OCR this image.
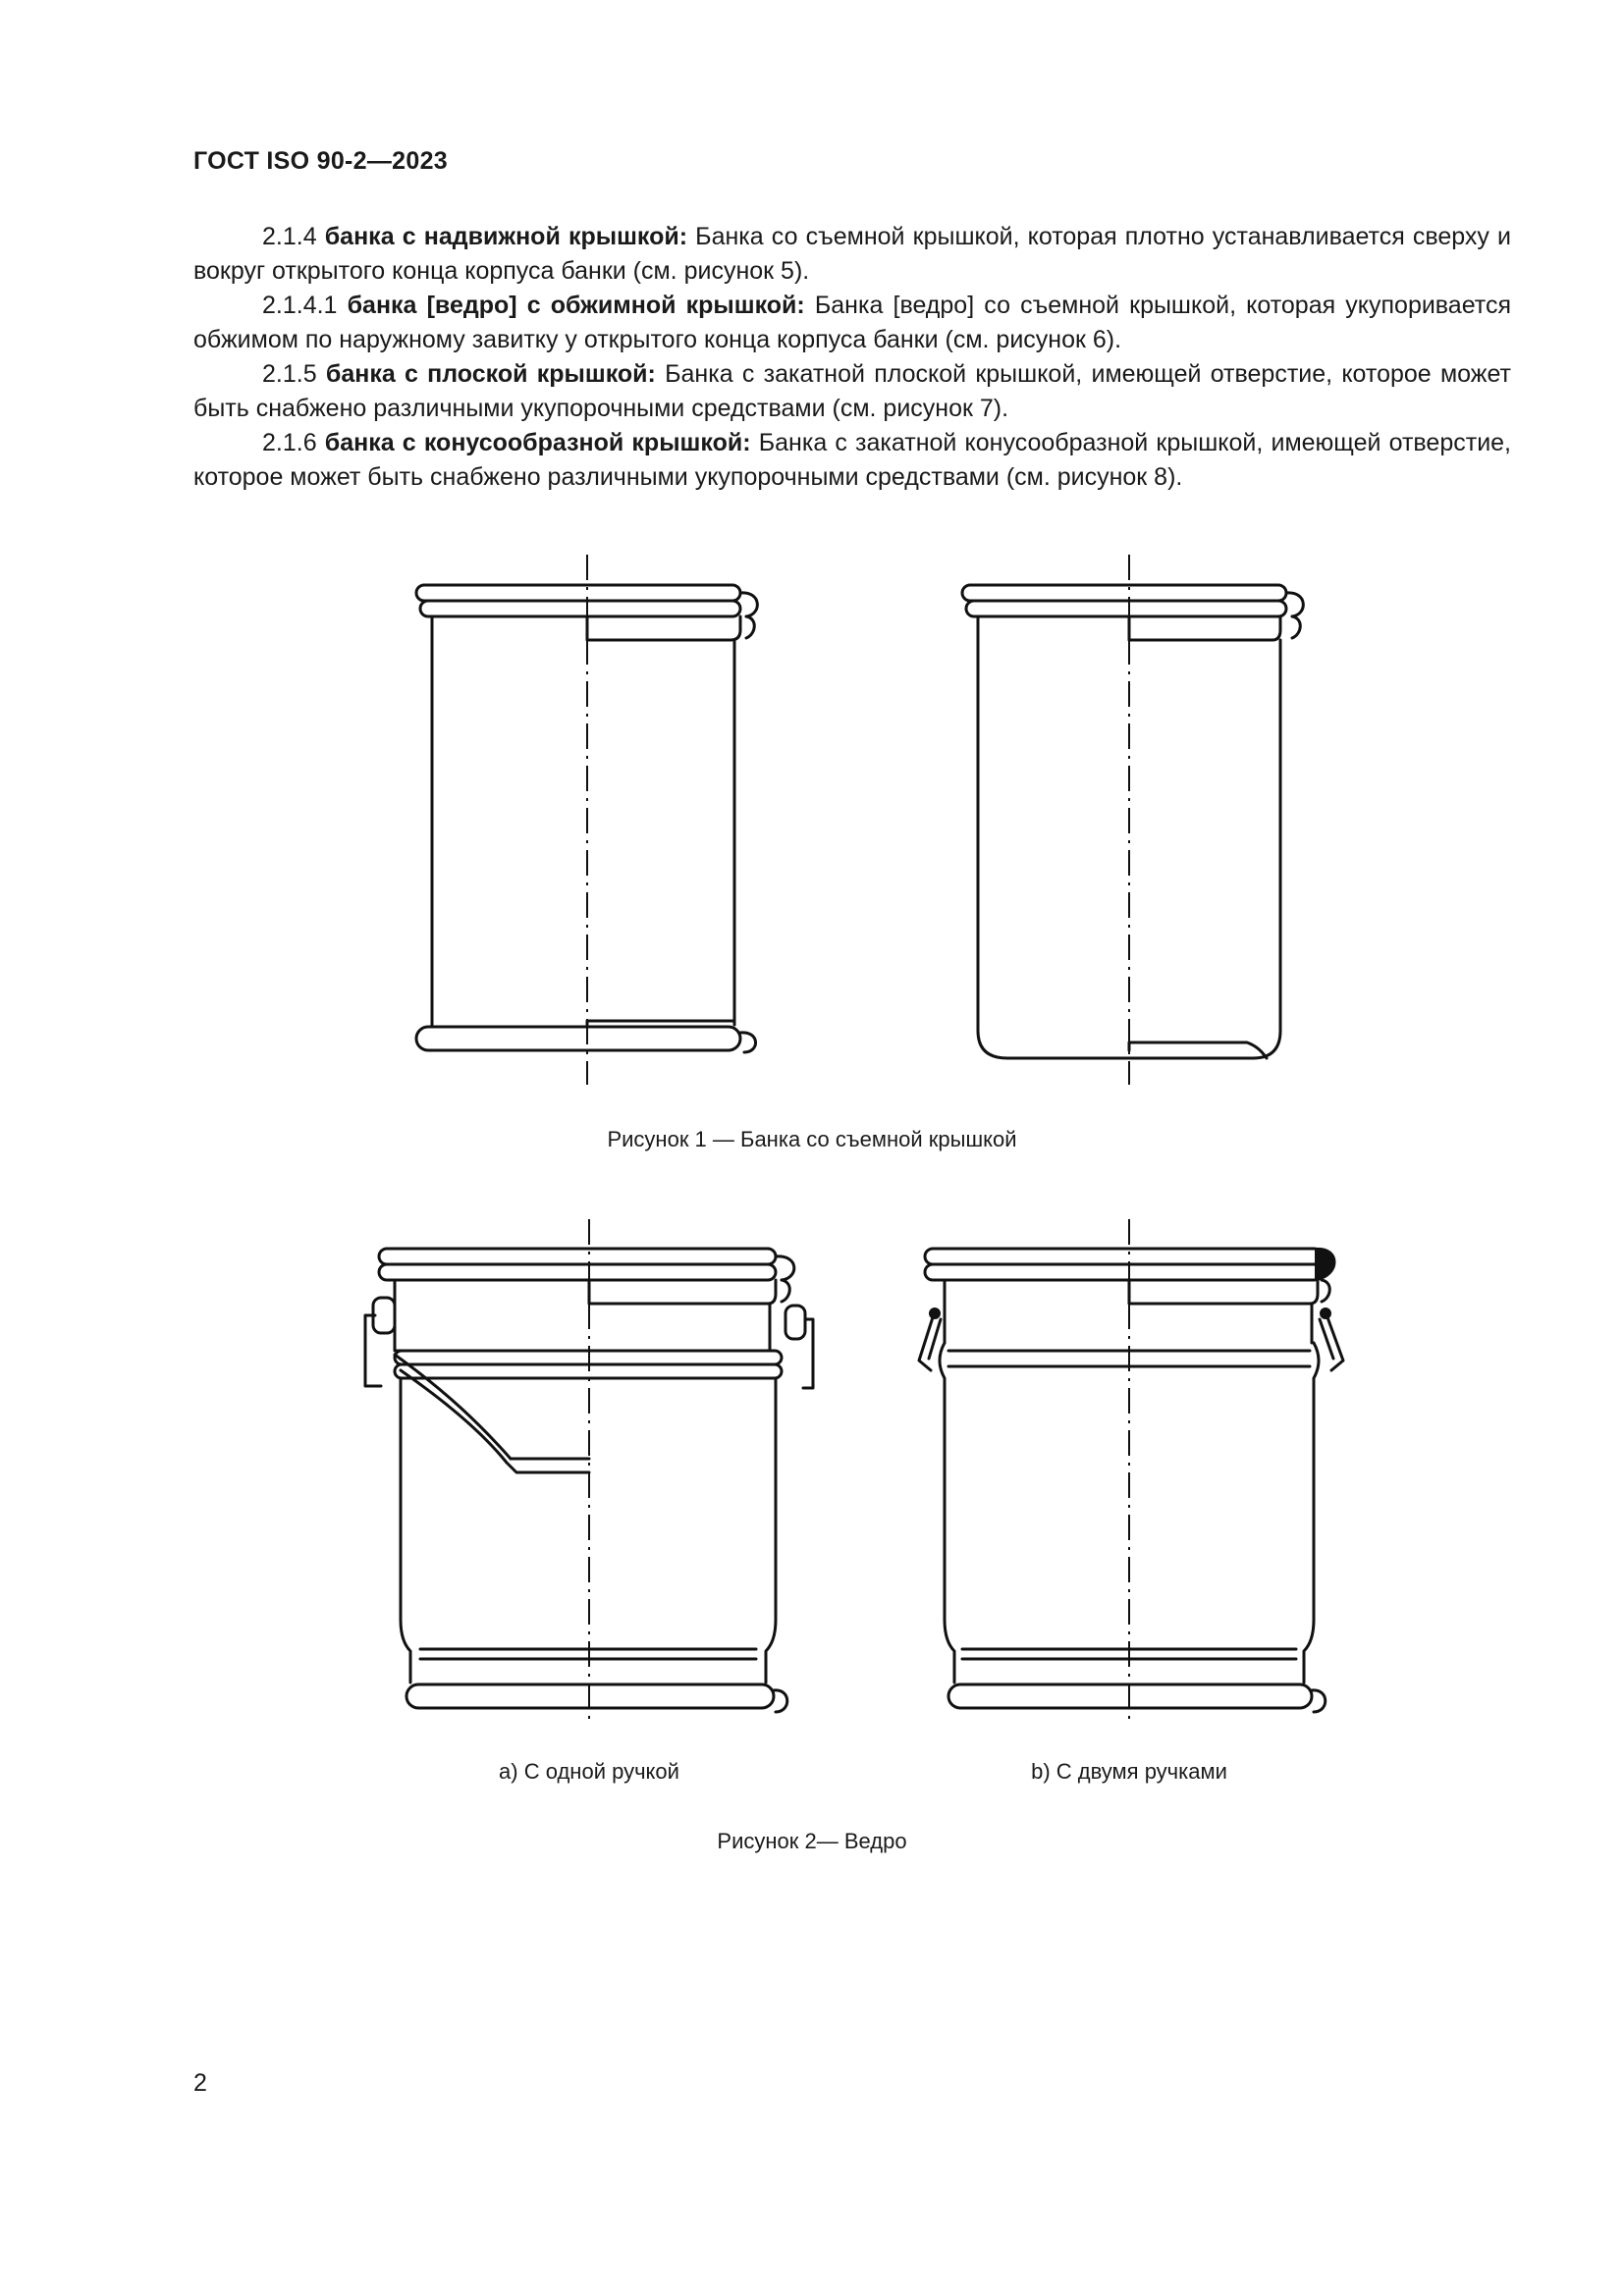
ГОСТ ISO 90-2—2023

2.1.4 банка с надвижной крышкой: Банка со съемной крышкой, которая плотно устанавливается сверху и вокруг открытого конца корпуса банки (см. рисунок 5).

2.1.4.1 банка [ведро] с обжимной крышкой: Банка [ведро] со съемной крышкой, которая укупоривается обжимом по наружному завитку у открытого конца корпуса банки (см. рисунок 6).

2.1.5 банка с плоской крышкой: Банка с закатной плоской крышкой, имеющей отверстие, которое может быть снабжено различными укупорочными средствами (см. рисунок 7).

2.1.6 банка с конусообразной крышкой: Банка с закатной конусообразной крышкой, имеющей отверстие, которое может быть снабжено различными укупорочными средствами (см. рисунок 8).

Рисунок 1 — Банка со съемной крышкой
а) С одной ручкой	b) С двумя ручками
Рисунок 2— Ведро
2
